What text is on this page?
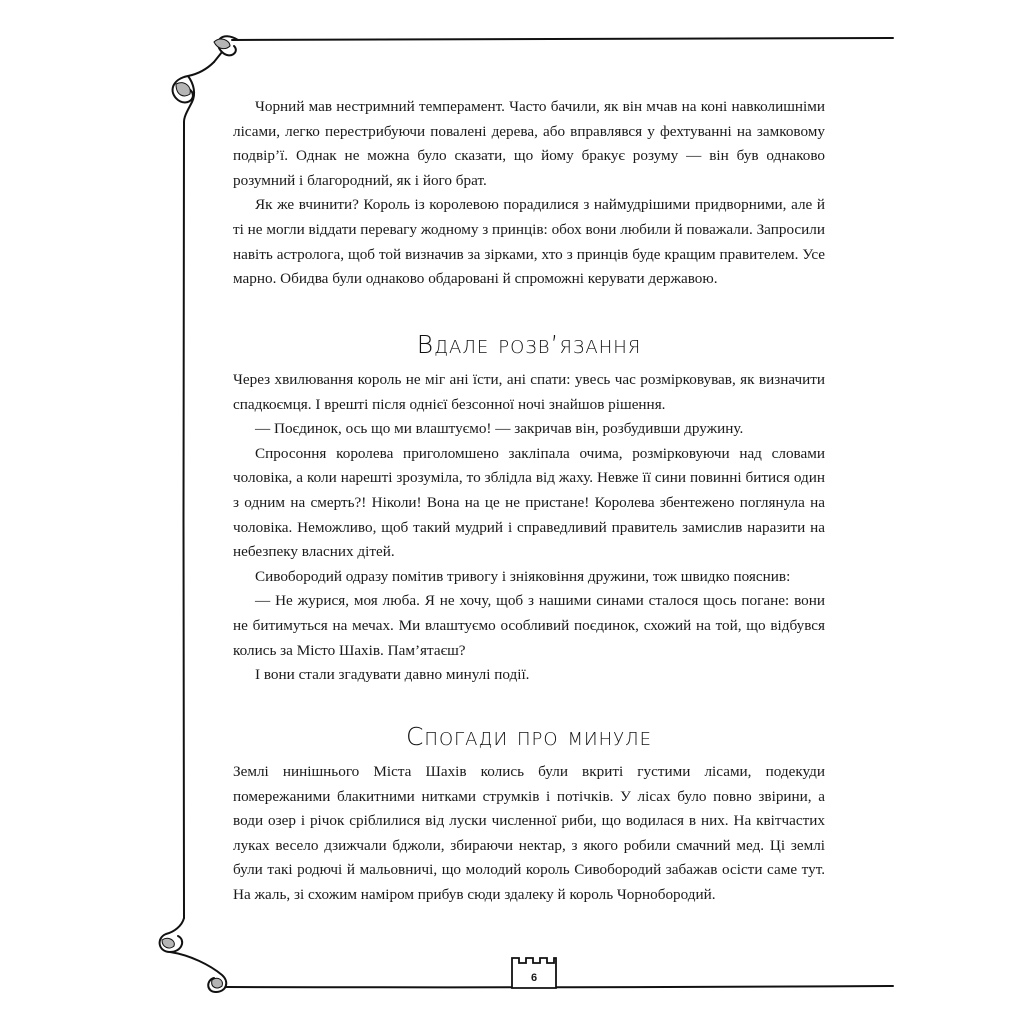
6

Чорний мав нестримний темперамент. Часто бачили, як він мчав на коні навколишніми лісами, легко перестрибуючи повалені дерева, або вправлявся у фехтуванні на замковому подвір’ї. Однак не можна було сказати, що йому бракує розуму — він був однаково розумний і благородний, як і його брат.

Як же вчинити? Король із королевою порадилися з наймудрішими придворними, але й ті не могли віддати перевагу жодному з принців: обох вони любили й поважали. Запросили навіть астролога, щоб той визначив за зірками, хто з принців буде кращим правителем. Усе марно. Обидва були однаково обдаровані й спроможні керувати державою.

Вдале розв’язання

Через хвилювання король не міг ані їсти, ані спати: увесь час розмірковував, як визначити спадкоємця. І врешті після однієї безсонної ночі знайшов рішення.

— Поєдинок, ось що ми влаштуємо! — закричав він, розбудивши дружину.

Спросоння королева приголомшено закліпала очима, розмірковуючи над словами чоловіка, а коли нарешті зрозуміла, то зблідла від жаху. Невже її сини повинні битися один з одним на смерть?! Ніколи! Вона на це не пристане! Королева збентежено поглянула на чоловіка. Неможливо, щоб такий мудрий і справедливий правитель замислив наразити на небезпеку власних дітей.

Сивобородий одразу помітив тривогу і зніяковіння дружини, тож швидко пояснив:

— Не журися, моя люба. Я не хочу, щоб з нашими синами сталося щось погане: вони не битимуться на мечах. Ми влаштуємо особливий поєдинок, схожий на той, що відбувся колись за Місто Шахів. Пам’ятаєш?

І вони стали згадувати давно минулі події.

Спогади про минуле

Землі нинішнього Міста Шахів колись були вкриті густими лісами, подекуди помережаними блакитними нитками струмків і потічків. У лісах було повно звірини, а води озер і річок сріблилися від луски численної риби, що водилася в них. На квітчастих луках весело дзижчали бджоли, збираючи нектар, з якого робили смачний мед. Ці землі були такі родючі й мальовничі, що молодий король Сивобородий забажав осісти саме тут. На жаль, зі схожим наміром прибув сюди здалеку й король Чорнобородий.
